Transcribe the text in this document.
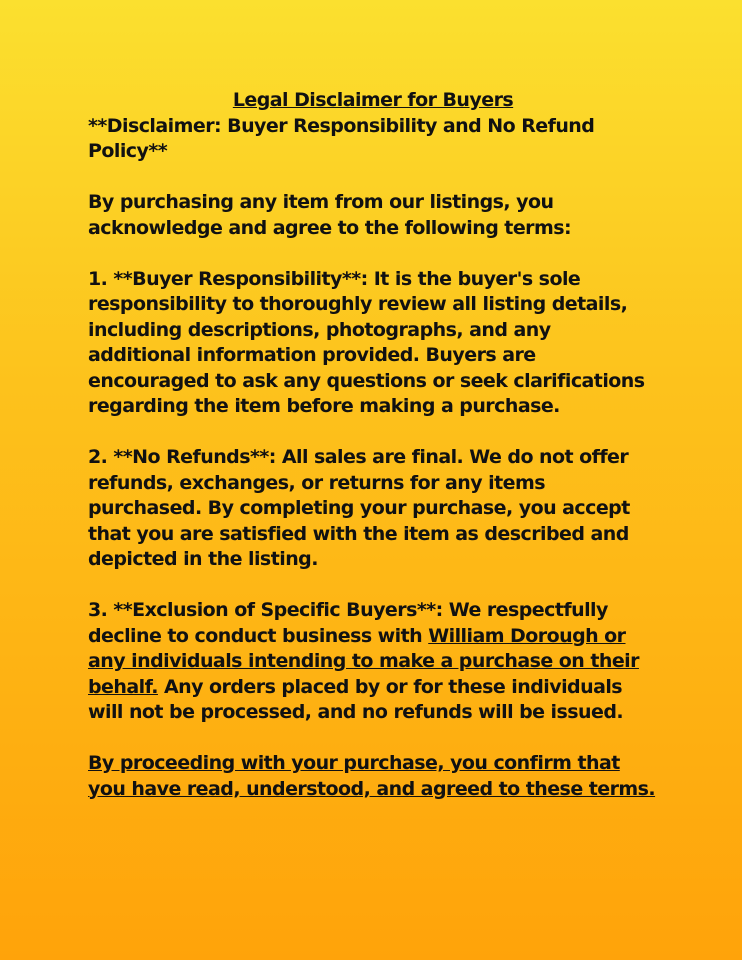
Legal Disclaimer for Buyers

**Disclaimer: Buyer Responsibility and No Refund Policy**

By purchasing any item from our listings, you acknowledge and agree to the following terms:

1. **Buyer Responsibility**: It is the buyer's sole responsibility to thoroughly review all listing details, including descriptions, photographs, and any additional information provided. Buyers are encouraged to ask any questions or seek clarifications regarding the item before making a purchase.

2. **No Refunds**: All sales are final. We do not offer refunds, exchanges, or returns for any items purchased. By completing your purchase, you accept that you are satisfied with the item as described and depicted in the listing.

3. **Exclusion of Specific Buyers**: We respectfully decline to conduct business with William Dorough or any individuals intending to make a purchase on their behalf. Any orders placed by or for these individuals will not be processed, and no refunds will be issued.

By proceeding with your purchase, you confirm that you have read, understood, and agreed to these terms.
